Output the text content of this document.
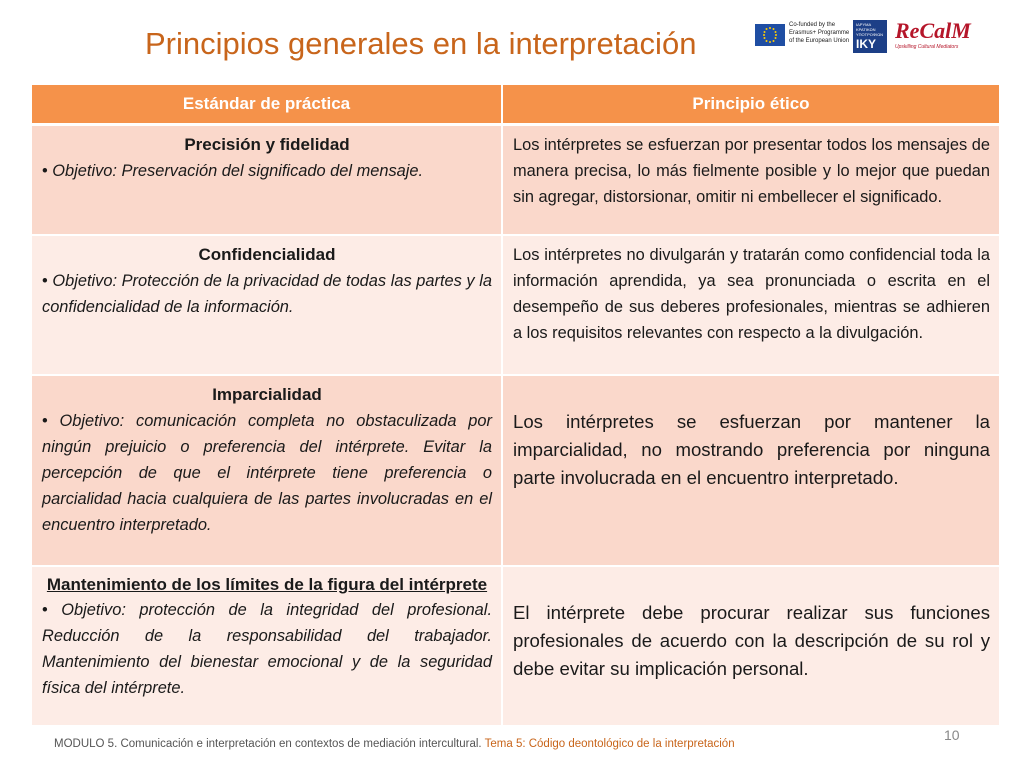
Principios generales en la interpretación
Co-funded by the Erasmus+ Programme of the European Union
ΙΔΡΥΜΑ ΚΡΑΤΙΚΩΝ ΥΠΟΤΡΟΦΙΩΝ
IKY
ReCalM
Upskilling Cultural Mediators
Estándar de práctica	Principio ético

Precisión y fidelidad
• Objetivo: Preservación del significado del mensaje.	Los intérpretes se esfuerzan por presentar todos los mensajes de manera precisa, lo más fielmente posible y lo mejor que puedan sin agregar, distorsionar, omitir ni embellecer el significado.

Confidencialidad
• Objetivo: Protección de la privacidad de todas las partes y la confidencialidad de la información.	Los intérpretes no divulgarán y tratarán como confidencial toda la información aprendida, ya sea pronunciada o escrita en el desempeño de sus deberes profesionales, mientras se adhieren a los requisitos relevantes con respecto a la divulgación.

Imparcialidad
• Objetivo: comunicación completa no obstaculizada por ningún prejuicio o preferencia del intérprete. Evitar la percepción de que el intérprete tiene preferencia o parcialidad hacia cualquiera de las partes involucradas en el encuentro interpretado.	Los intérpretes se esfuerzan por mantener la imparcialidad, no mostrando preferencia por ninguna parte involucrada en el encuentro interpretado.

Mantenimiento de los límites de la figura del intérprete
• Objetivo: protección de la integridad del profesional. Reducción de la responsabilidad del trabajador. Mantenimiento del bienestar emocional y de la seguridad física del intérprete.	El intérprete debe procurar realizar sus funciones profesionales de acuerdo con la descripción de su rol y debe evitar su implicación personal.
10
MODULO 5. Comunicación e interpretación en contextos de mediación intercultural. Tema 5: Código deontológico de la interpretación
